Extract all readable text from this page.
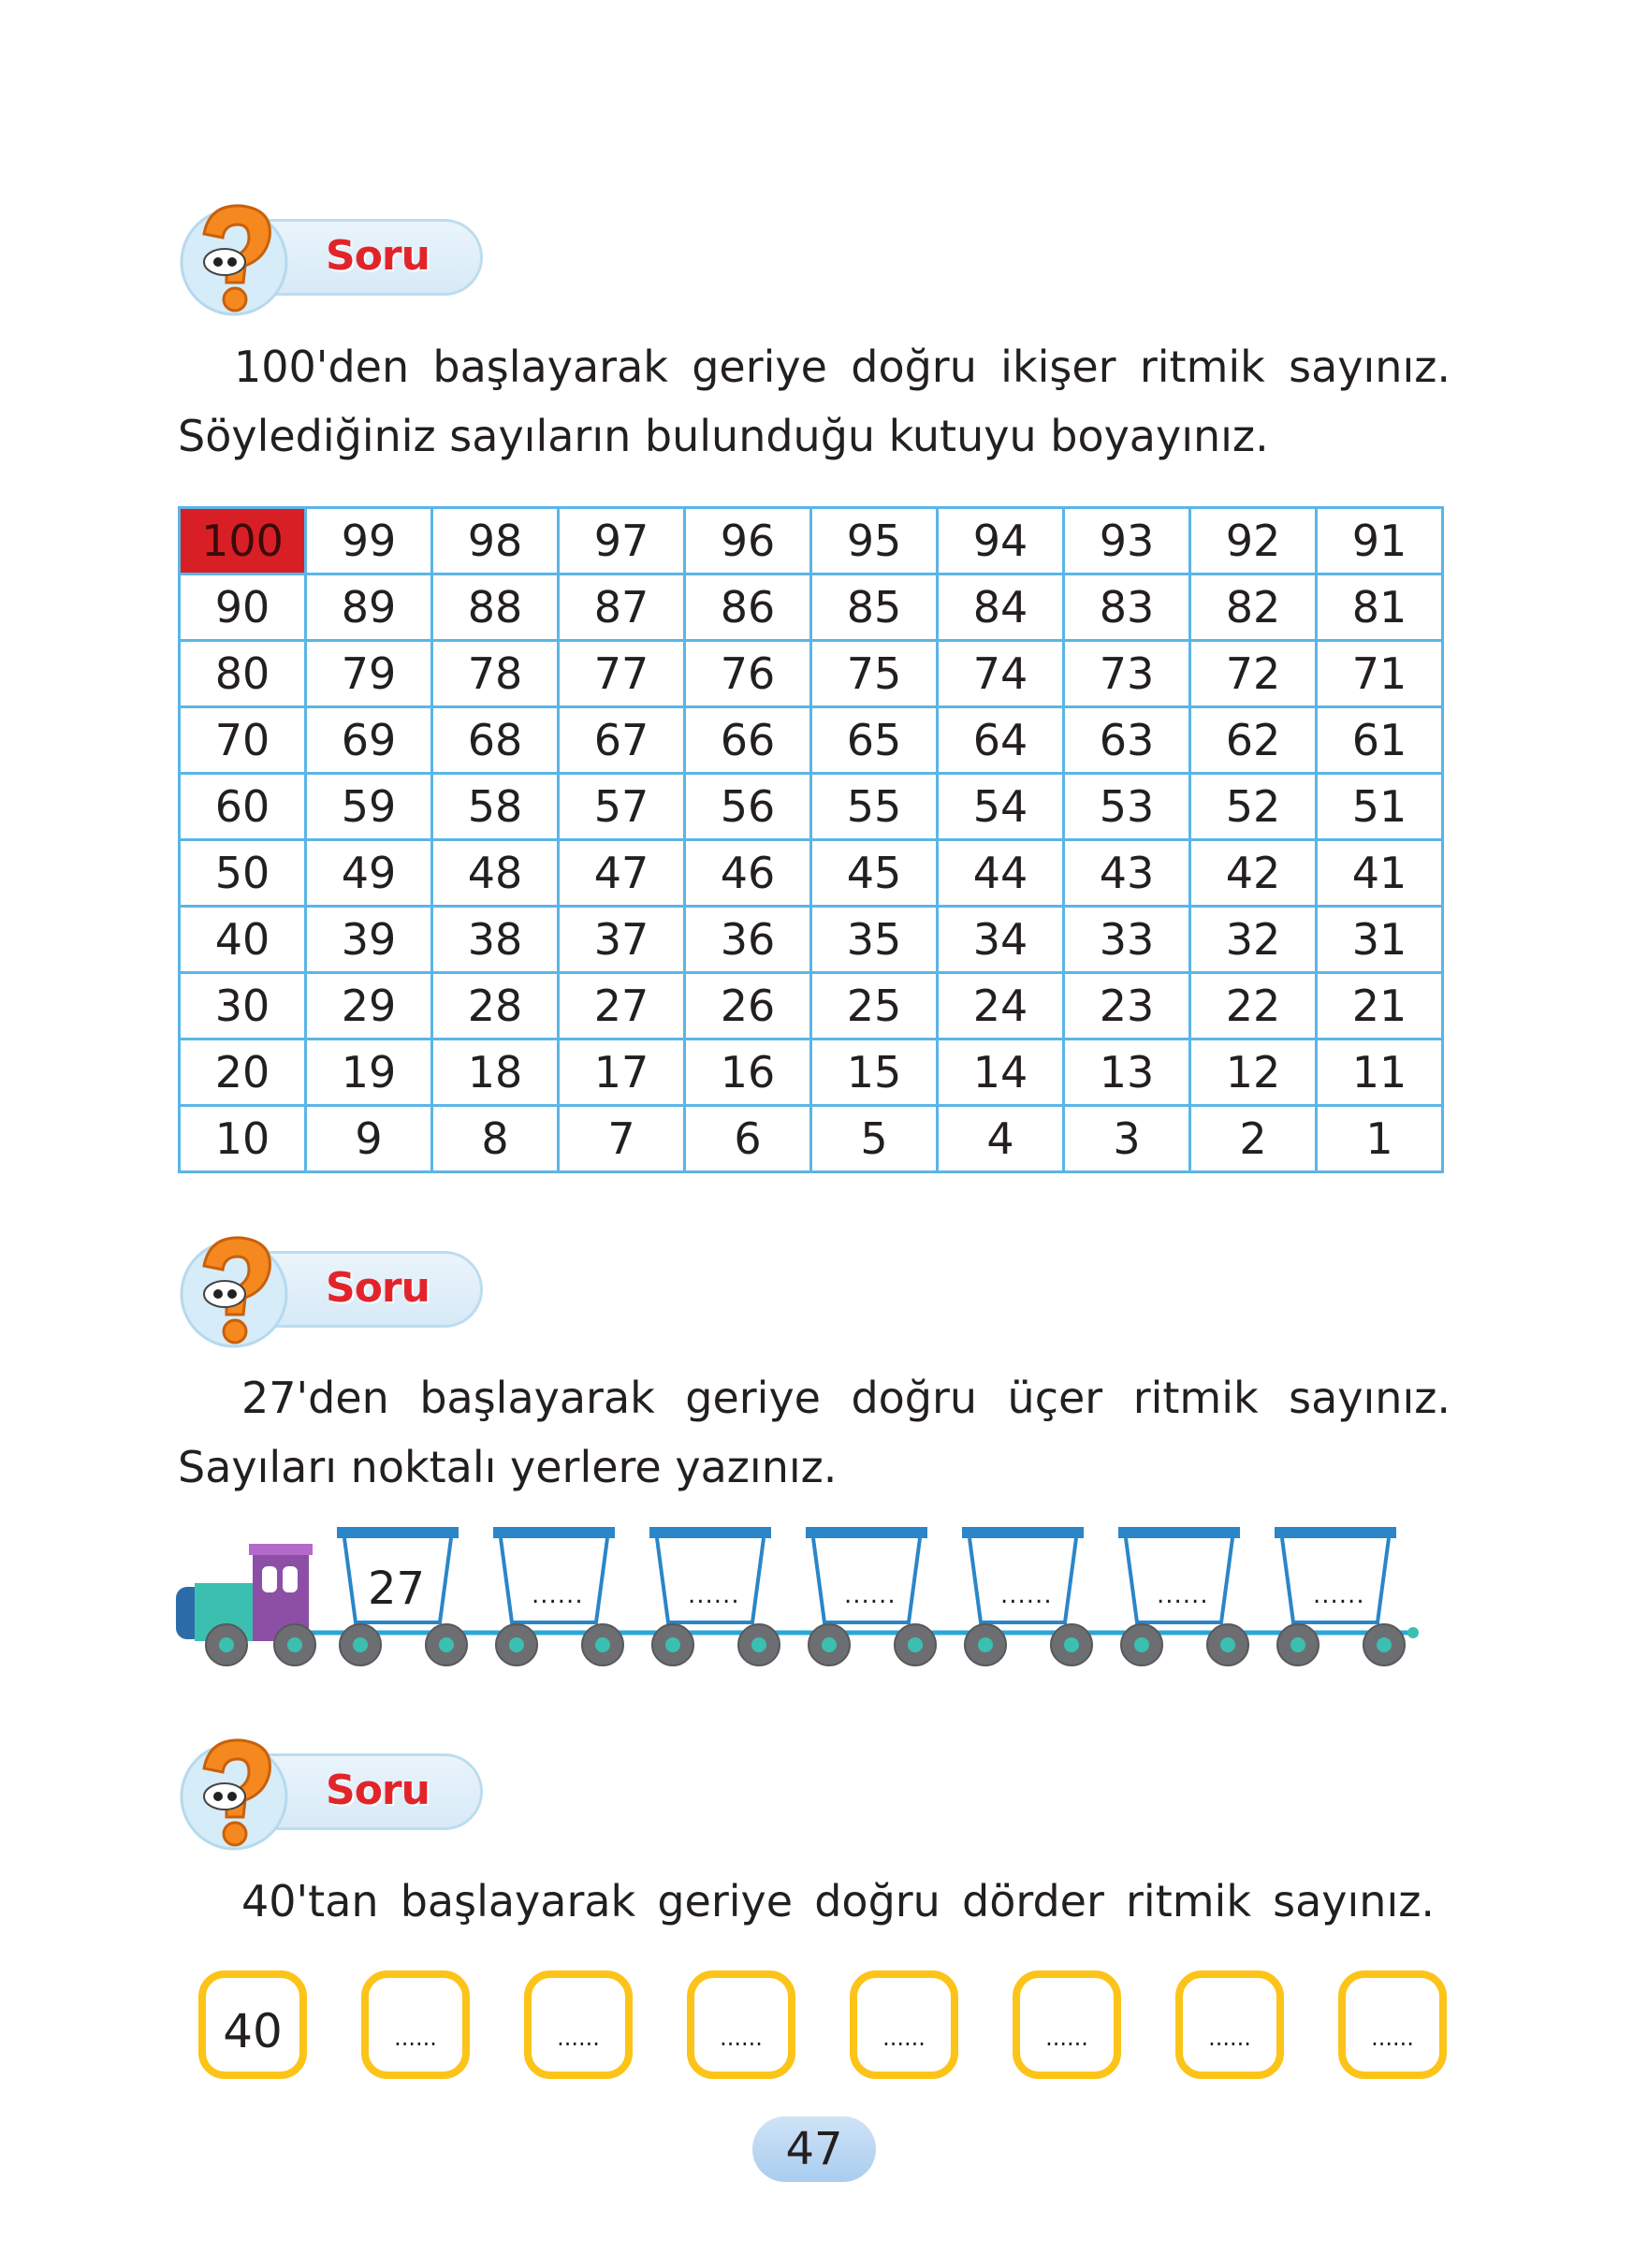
Soru
100'den başlayarak geriye doğru ikişer ritmik sayınız.
Söylediğiniz sayıların bulunduğu kutuyu boyayınız.
100	99	98	97	96	95	94	93	92	91
90	89	88	87	86	85	84	83	82	81
80	79	78	77	76	75	74	73	72	71
70	69	68	67	66	65	64	63	62	61
60	59	58	57	56	55	54	53	52	51
50	49	48	47	46	45	44	43	42	41
40	39	38	37	36	35	34	33	32	31
30	29	28	27	26	25	24	23	22	21
20	19	18	17	16	15	14	13	12	11
10	9	8	7	6	5	4	3	2	1
Soru
27'den başlayarak geriye doğru üçer ritmik sayınız.
Sayıları noktalı yerlere yazınız.
27	......	......	......	......	......	......
Soru
40'tan başlayarak geriye doğru dörder ritmik sayınız.
40	......	......	......	......	......	......	......
47
